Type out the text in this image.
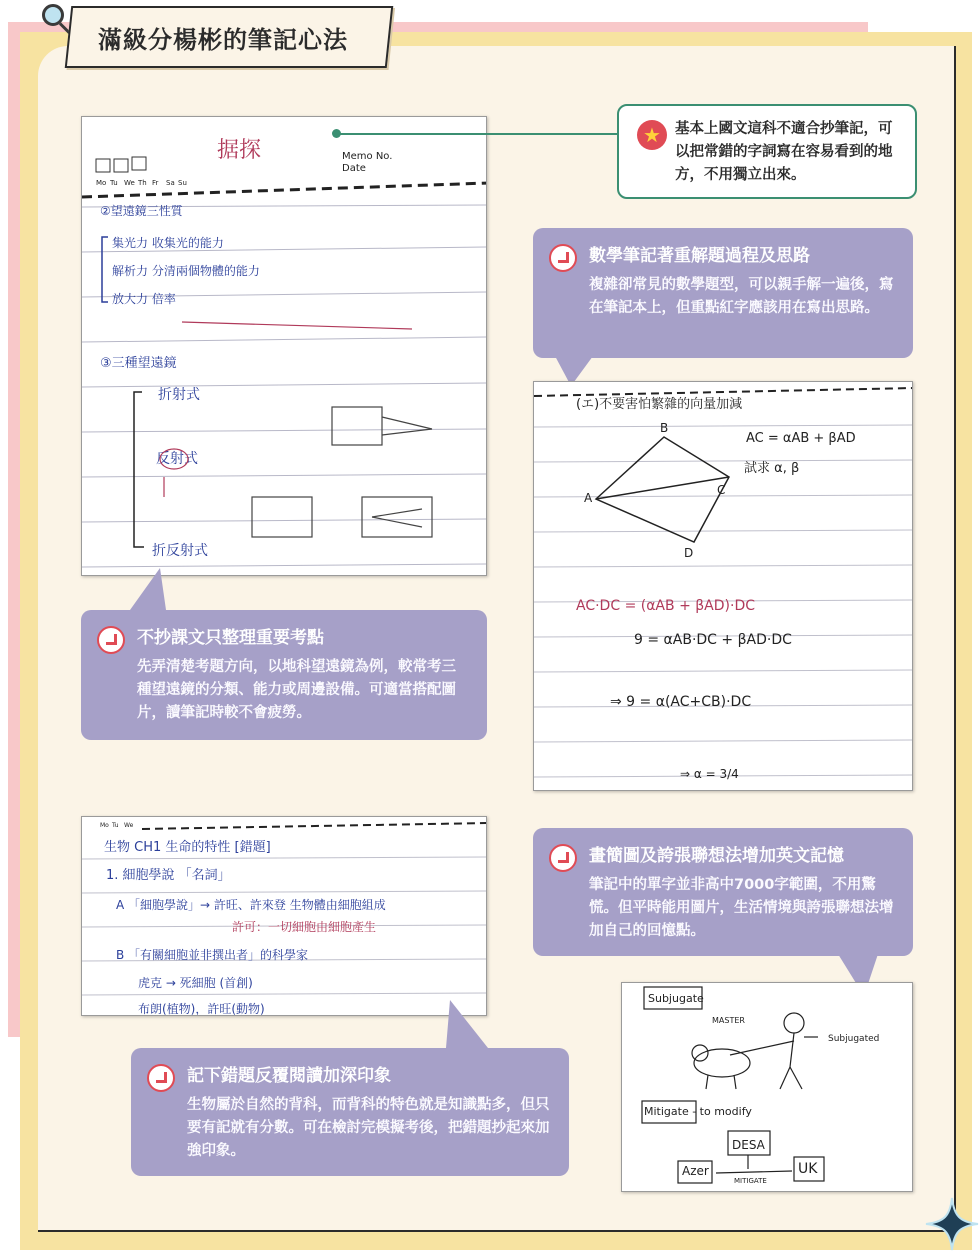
滿級分楊彬的筆記心法
Mo Tu We Th Fr Sa Su
Memo No.
Date
据探
②望遠鏡三性質
集光力 收集光的能力
解析力 分清兩個物體的能力
放大力 倍率
③三種望遠鏡
折射式
反射式
折反射式
★ 基本上國文這科不適合抄筆記，可以把常錯的字詞寫在容易看到的地方，不用獨立出來。
數學筆記著重解題過程及思路
複雜卻常見的數學題型，可以親手解一遍後，寫在筆記本上，但重點紅字應該用在寫出思路。
(エ)不要害怕繁雜的向量加減
A
B
C
D
AC = αAB + βAD
試求 α, β
AC·DC = (αAB + βAD)·DC
9 = αAB·DC + βAD·DC
⇒ 9 = α(AC+CB)·DC
⇒ α = 3/4
不抄課文只整理重要考點
先弄清楚考題方向，以地科望遠鏡為例，較常考三種望遠鏡的分類、能力或周邊設備。可適當搭配圖片，讀筆記時較不會疲勞。
Mo Tu We
生物 CH1 生命的特性 [錯題]
1. 細胞學說 「名詞」
A 「細胞學說」→ 許旺、許來登 生物體由細胞組成
許可：一切細胞由細胞產生
B 「有關細胞並非撰出者」的科學家
虎克 → 死細胞 (首創)
布朗(植物)，許旺(動物)
畫簡圖及誇張聯想法增加英文記憶
筆記中的單字並非高中7000字範圍，不用驚慌。但平時能用圖片，生活情境與誇張聯想法增加自己的回憶點。
Subjugate
MASTER
Subjugated
Mitigate - to modify
DESA
Azer
MITIGATE
UK
記下錯題反覆閱讀加深印象
生物屬於自然的背科，而背科的特色就是知識點多，但只要有記就有分數。可在檢討完模擬考後，把錯題抄起來加強印象。
